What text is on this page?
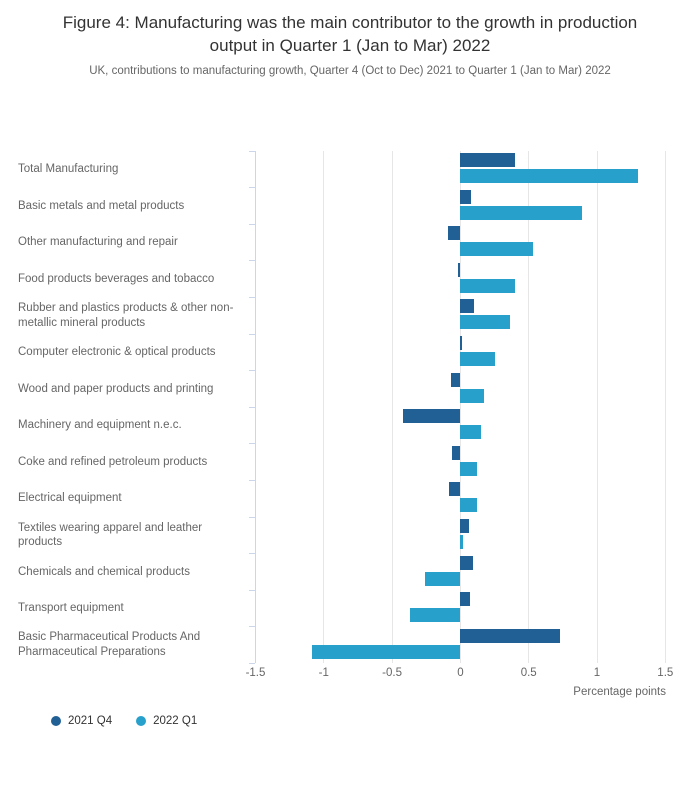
Figure 4: Manufacturing was the main contributor to the growth in production output in Quarter 1 (Jan to Mar) 2022
UK, contributions to manufacturing growth, Quarter 4 (Oct to Dec) 2021 to Quarter 1 (Jan to Mar) 2022
Percentage points
2021 Q4	2022 Q1
Total Manufacturing
Basic metals and metal products
Other manufacturing and repair
Food products beverages and tobacco
Rubber and plastics products & other non-metallic mineral products
Computer electronic & optical products
Wood and paper products and printing
Machinery and equipment n.e.c.
Coke and refined petroleum products
Electrical equipment
Textiles wearing apparel and leather products
Chemicals and chemical products
Transport equipment
Basic Pharmaceutical Products And Pharmaceutical Preparations
-1.5	-1	-0.5	0	0.5	1	1.5
